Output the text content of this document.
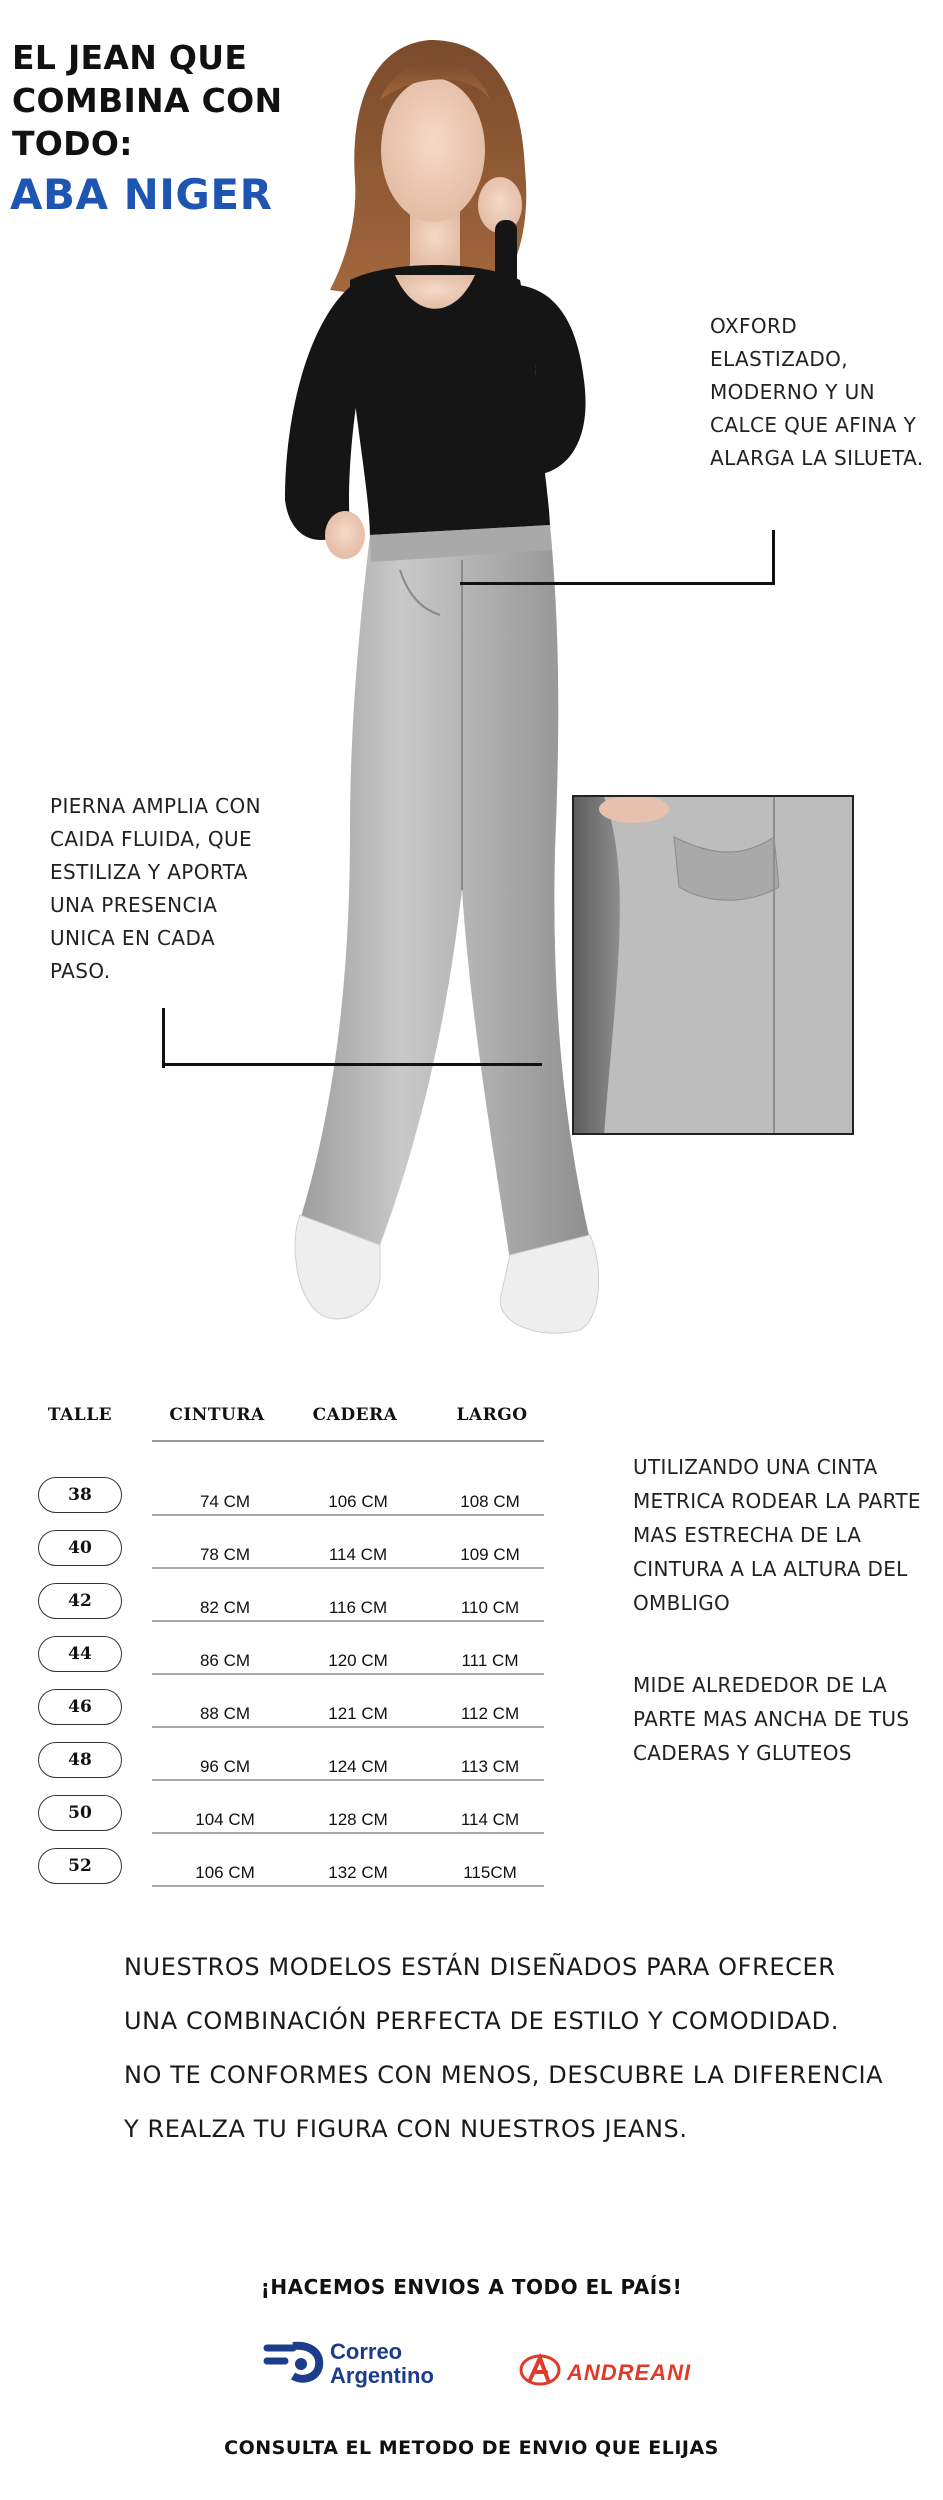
EL JEAN QUE
COMBINA CON
TODO:
ABA NIGER
OXFORD ELASTIZADO,
MODERNO Y UN
CALCE QUE AFINA Y
ALARGA LA SILUETA.
PIERNA AMPLIA CON
CAIDA FLUIDA, QUE
ESTILIZA Y APORTA
UNA PRESENCIA
UNICA EN CADA
PASO.
TALLE	CINTURA	CADERA	LARGO
38	74 CM	106 CM	108 CM
40	78 CM	114 CM	109 CM
42	82 CM	116 CM	110 CM
44	86 CM	120 CM	111 CM
46	88 CM	121 CM	112 CM
48	96 CM	124 CM	113 CM
50	104 CM	128 CM	114 CM
52	106 CM	132 CM	115CM
UTILIZANDO UNA CINTA
METRICA RODEAR LA PARTE
MAS ESTRECHA DE LA
CINTURA A LA ALTURA DEL
OMBLIGO
MIDE ALREDEDOR DE LA
PARTE MAS ANCHA DE TUS
CADERAS Y GLUTEOS
NUESTROS MODELOS ESTÁN DISEÑADOS PARA OFRECER
UNA COMBINACIÓN PERFECTA DE ESTILO Y COMODIDAD.
NO TE CONFORMES CON MENOS, DESCUBRE LA DIFERENCIA
Y REALZA TU FIGURA CON NUESTROS JEANS.
¡HACEMOS ENVIOS A TODO EL PAÍS!
Correo
Argentino	ANDREANI
CONSULTA EL METODO DE ENVIO QUE ELIJAS
